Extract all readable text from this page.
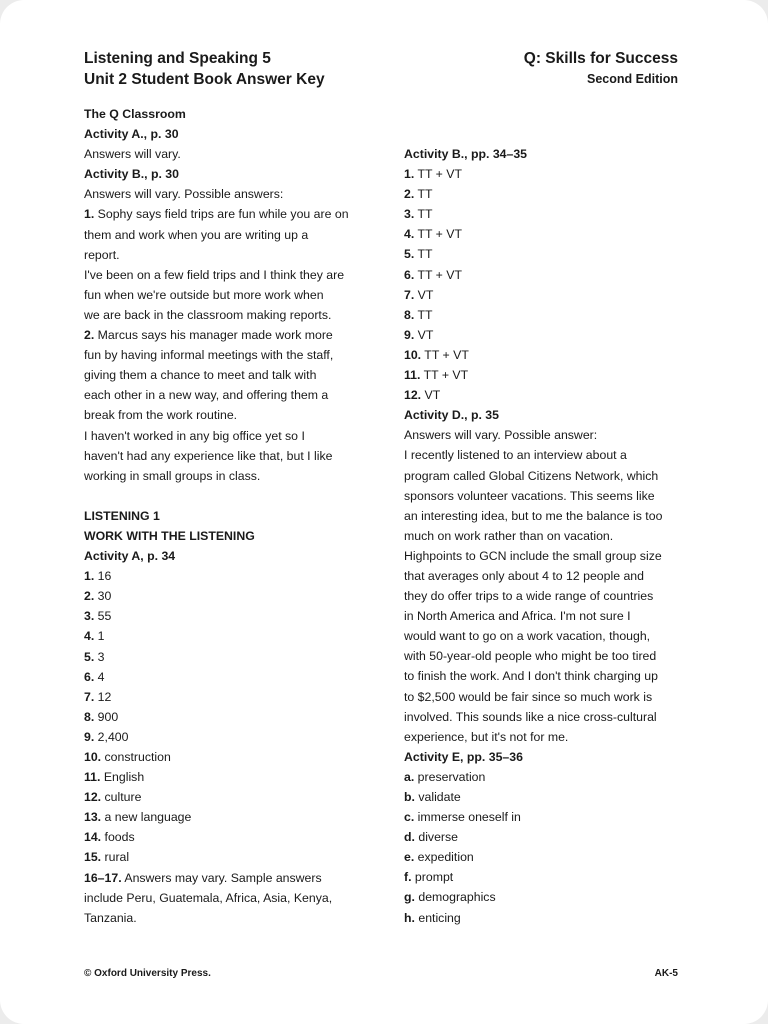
Listening and Speaking 5
Unit 2 Student Book Answer Key
Q: Skills for Success
Second Edition
The Q Classroom
Activity A., p. 30
Answers will vary.
Activity B., p. 30
Answers will vary. Possible answers:
1. Sophy says field trips are fun while you are on
them and work when you are writing up a
report.
I've been on a few field trips and I think they are
fun when we're outside but more work when
we are back in the classroom making reports.
2. Marcus says his manager made work more
fun by having informal meetings with the staff,
giving them a chance to meet and talk with
each other in a new way, and offering them a
break from the work routine.
I haven't worked in any big office yet so I
haven't had any experience like that, but I like
working in small groups in class.
LISTENING 1
WORK WITH THE LISTENING
Activity A, p. 34
1. 16
2. 30
3. 55
4. 1
5. 3
6. 4
7. 12
8. 900
9. 2,400
10. construction
11. English
12. culture
13. a new language
14. foods
15. rural
16–17. Answers may vary. Sample answers
include Peru, Guatemala, Africa, Asia, Kenya,
Tanzania.
Activity B., pp. 34–35
1. TT + VT
2. TT
3. TT
4. TT + VT
5. TT
6. TT + VT
7. VT
8. TT
9. VT
10. TT + VT
11. TT + VT
12. VT
Activity D., p. 35
Answers will vary. Possible answer:
I recently listened to an interview about a
program called Global Citizens Network, which
sponsors volunteer vacations. This seems like
an interesting idea, but to me the balance is too
much on work rather than on vacation.
Highpoints to GCN include the small group size
that averages only about 4 to 12 people and
they do offer trips to a wide range of countries
in North America and Africa. I'm not sure I
would want to go on a work vacation, though,
with 50-year-old people who might be too tired
to finish the work. And I don't think charging up
to $2,500 would be fair since so much work is
involved. This sounds like a nice cross-cultural
experience, but it's not for me.
Activity E, pp. 35–36
a. preservation
b. validate
c. immerse oneself in
d. diverse
e. expedition
f. prompt
g. demographics
h. enticing
© Oxford University Press.	AK-5
